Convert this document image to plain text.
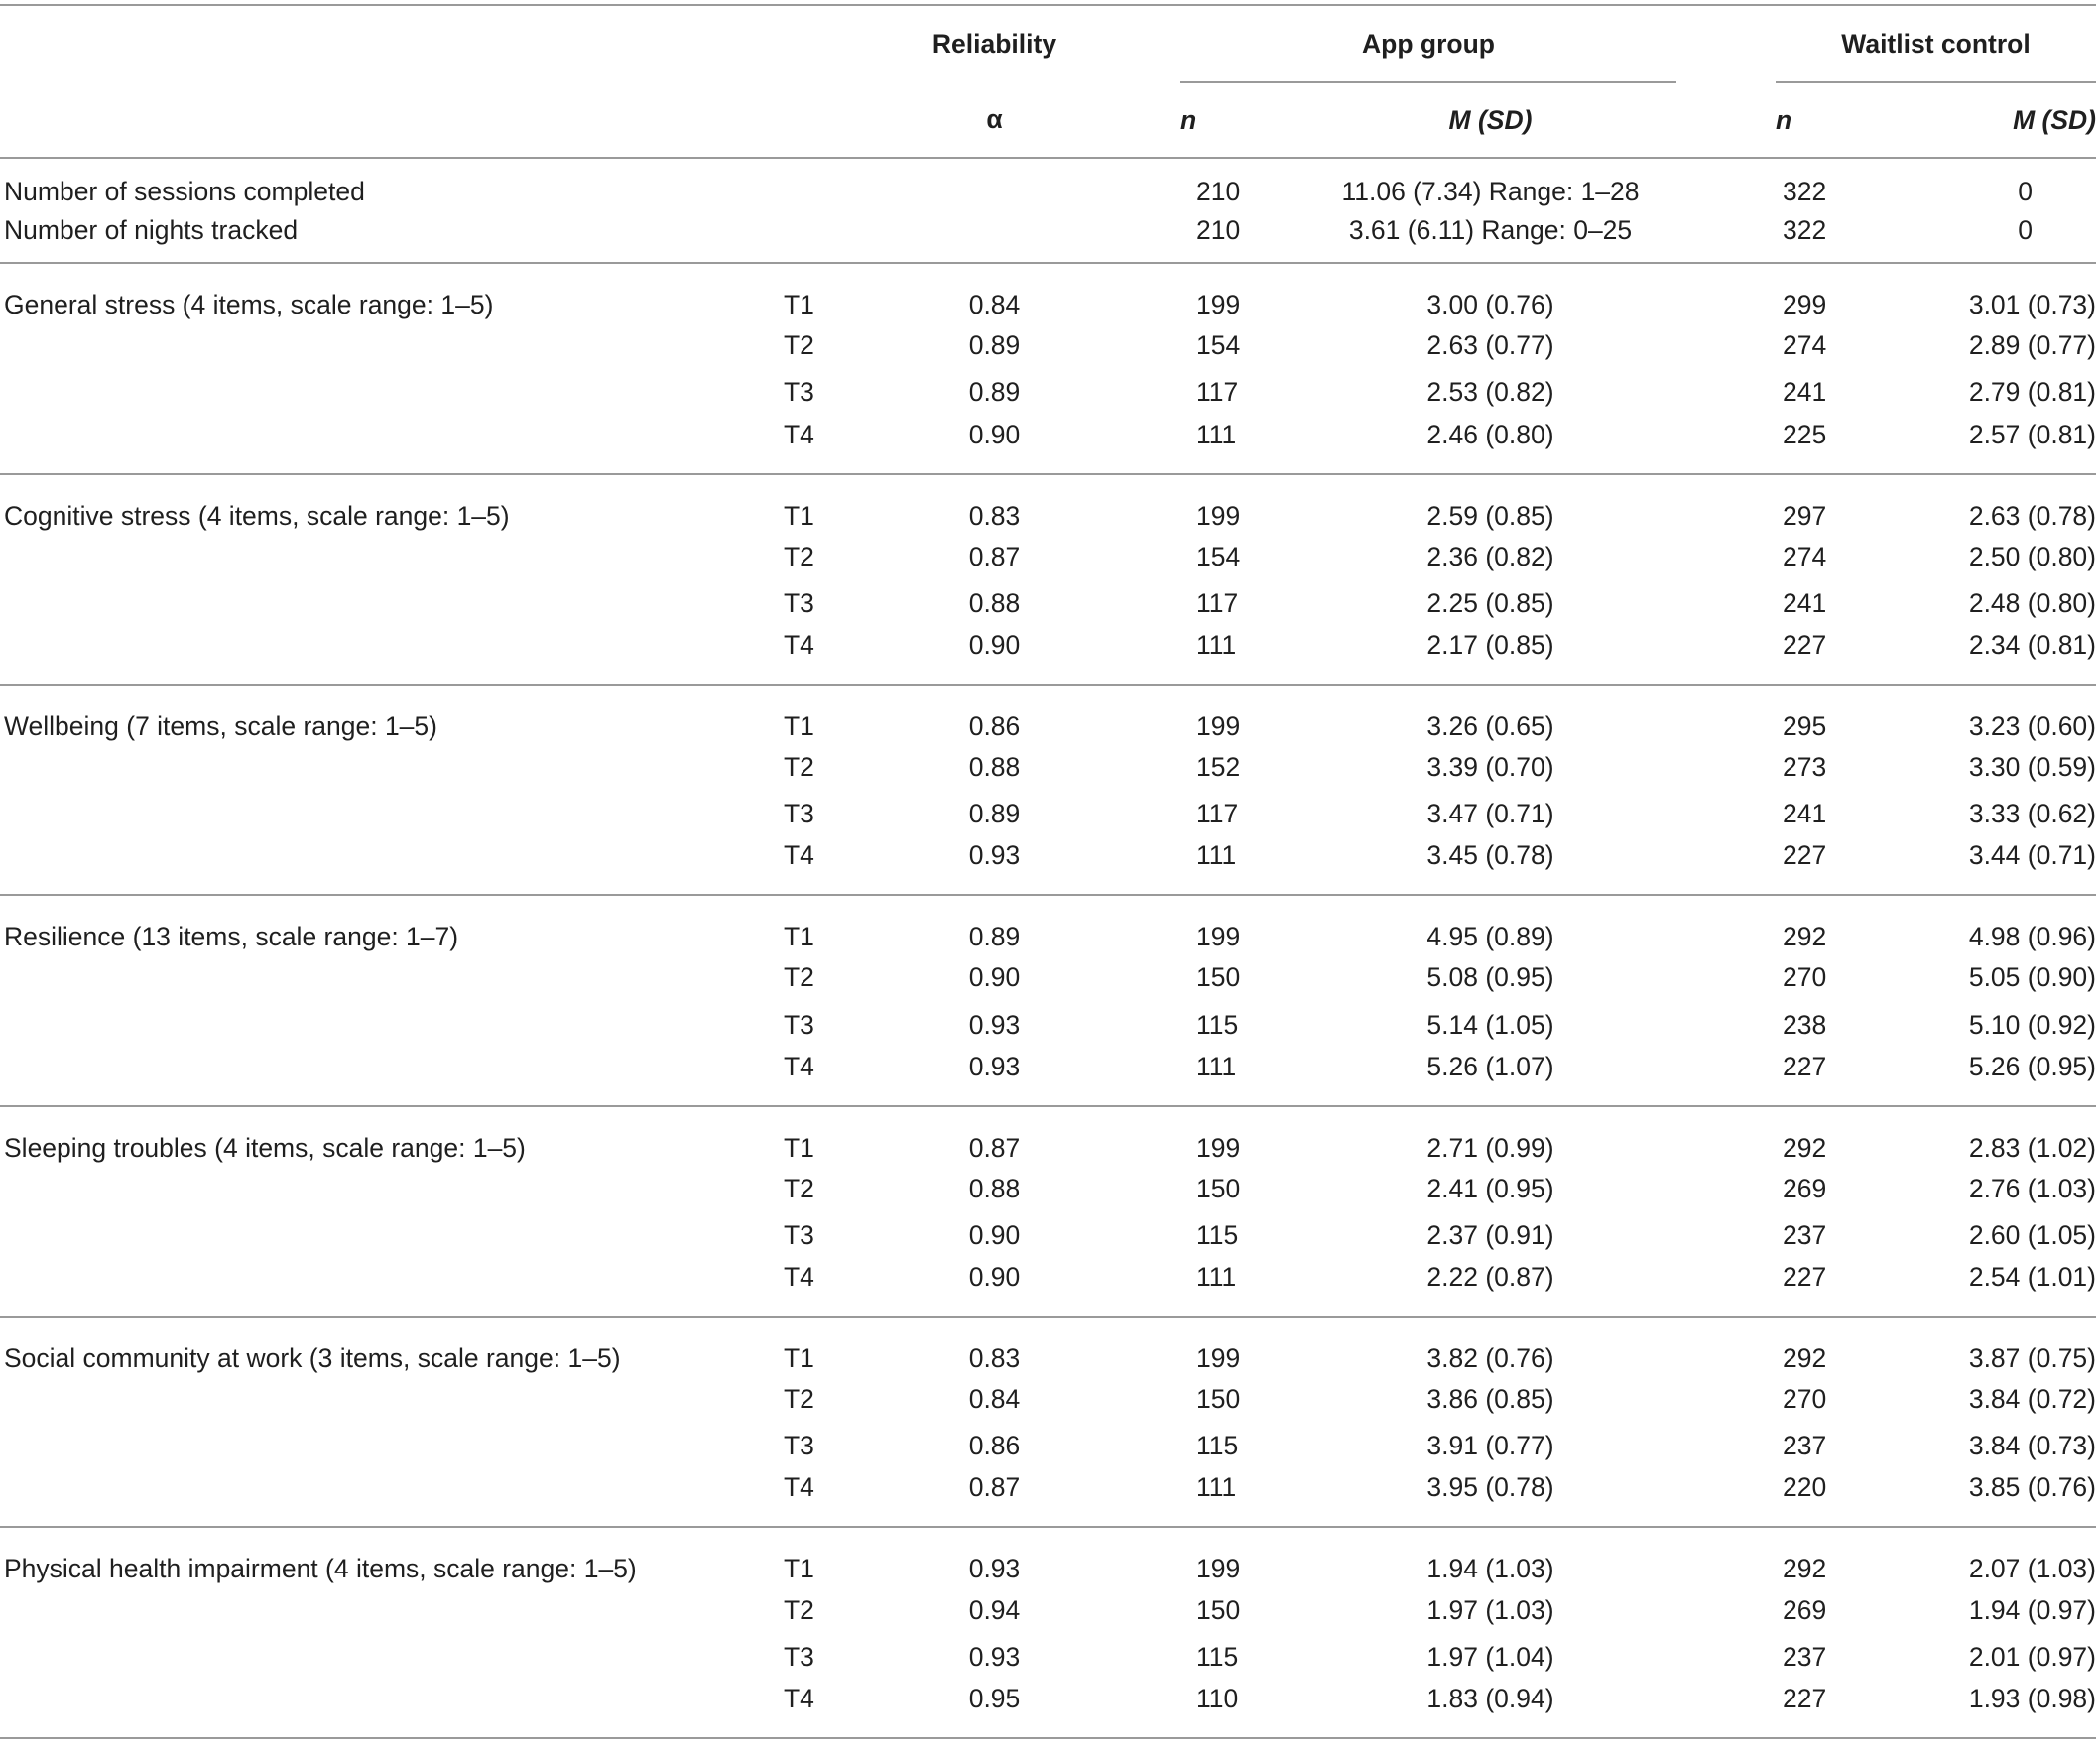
		Reliability		App group			Waitlist control	
		α		n	M (SD)		n	M (SD)
Number of sessions completed				210	11.06 (7.34) Range: 1–28		322	0
Number of nights tracked				210	3.61 (6.11) Range: 0–25		322	0
General stress (4 items, scale range: 1–5)	T1	0.84		199	3.00 (0.76)		299	3.01 (0.73)
	T2	0.89		154	2.63 (0.77)		274	2.89 (0.77)
	T3	0.89		117	2.53 (0.82)		241	2.79 (0.81)
	T4	0.90		111	2.46 (0.80)		225	2.57 (0.81)
Cognitive stress (4 items, scale range: 1–5)	T1	0.83		199	2.59 (0.85)		297	2.63 (0.78)
	T2	0.87		154	2.36 (0.82)		274	2.50 (0.80)
	T3	0.88		117	2.25 (0.85)		241	2.48 (0.80)
	T4	0.90		111	2.17 (0.85)		227	2.34 (0.81)
Wellbeing (7 items, scale range: 1–5)	T1	0.86		199	3.26 (0.65)		295	3.23 (0.60)
	T2	0.88		152	3.39 (0.70)		273	3.30 (0.59)
	T3	0.89		117	3.47 (0.71)		241	3.33 (0.62)
	T4	0.93		111	3.45 (0.78)		227	3.44 (0.71)
Resilience (13 items, scale range: 1–7)	T1	0.89		199	4.95 (0.89)		292	4.98 (0.96)
	T2	0.90		150	5.08 (0.95)		270	5.05 (0.90)
	T3	0.93		115	5.14 (1.05)		238	5.10 (0.92)
	T4	0.93		111	5.26 (1.07)		227	5.26 (0.95)
Sleeping troubles (4 items, scale range: 1–5)	T1	0.87		199	2.71 (0.99)		292	2.83 (1.02)
	T2	0.88		150	2.41 (0.95)		269	2.76 (1.03)
	T3	0.90		115	2.37 (0.91)		237	2.60 (1.05)
	T4	0.90		111	2.22 (0.87)		227	2.54 (1.01)
Social community at work (3 items, scale range: 1–5)	T1	0.83		199	3.82 (0.76)		292	3.87 (0.75)
	T2	0.84		150	3.86 (0.85)		270	3.84 (0.72)
	T3	0.86		115	3.91 (0.77)		237	3.84 (0.73)
	T4	0.87		111	3.95 (0.78)		220	3.85 (0.76)
Physical health impairment (4 items, scale range: 1–5)	T1	0.93		199	1.94 (1.03)		292	2.07 (1.03)
	T2	0.94		150	1.97 (1.03)		269	1.94 (0.97)
	T3	0.93		115	1.97 (1.04)		237	2.01 (0.97)
	T4	0.95		110	1.83 (0.94)		227	1.93 (0.98)
